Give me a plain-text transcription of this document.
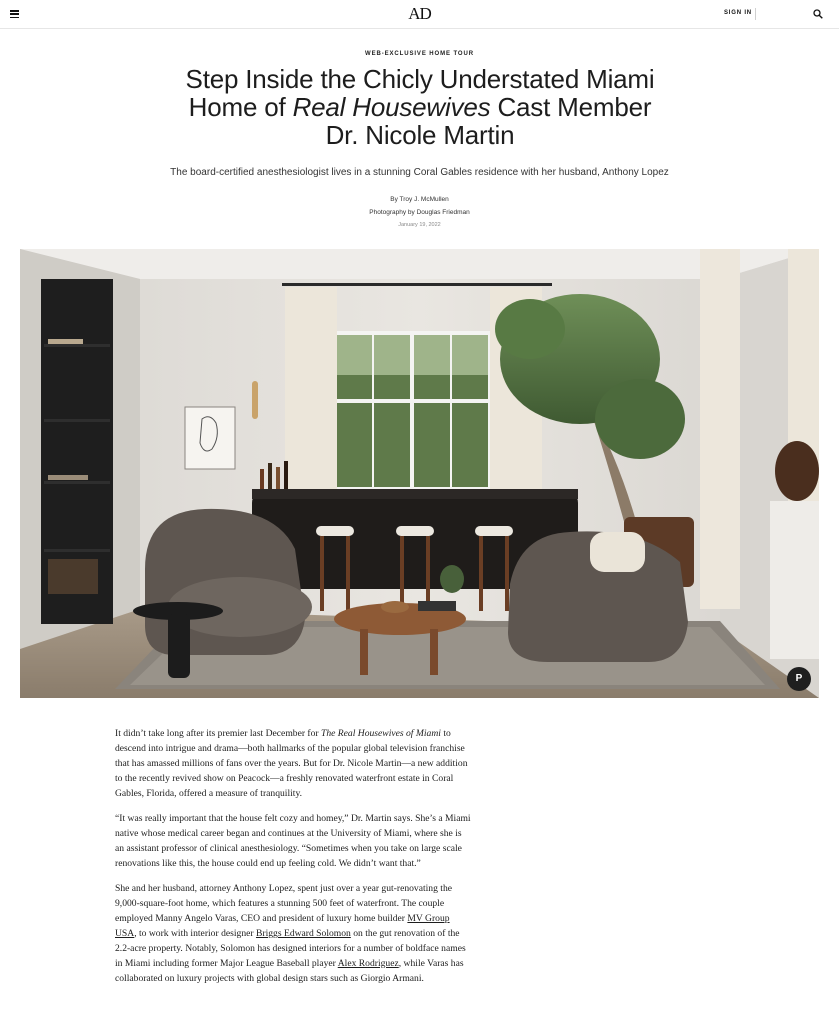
AD	SIGN IN
WEB-EXCLUSIVE HOME TOUR
Step Inside the Chicly Understated Miami Home of Real Housewives Cast Member Dr. Nicole Martin
The board-certified anesthesiologist lives in a stunning Coral Gables residence with her husband, Anthony Lopez
By Troy J. McMullen
Photography by Douglas Friedman
January 19, 2022
P

It didn’t take long after its premier last December for The Real Housewives of Miami to descend into intrigue and drama—both hallmarks of the popular global television franchise that has amassed millions of fans over the years. But for Dr. Nicole Martin—a new addition to the recently revived show on Peacock—a freshly renovated waterfront estate in Coral Gables, Florida, offered a measure of tranquility.

“It was really important that the house felt cozy and homey,” Dr. Martin says. She’s a Miami native whose medical career began and continues at the University of Miami, where she is an assistant professor of clinical anesthesiology. “Sometimes when you take on large scale renovations like this, the house could end up feeling cold. We didn’t want that.”

She and her husband, attorney Anthony Lopez, spent just over a year gut-renovating the 9,000-square-foot home, which features a stunning 500 feet of waterfront. The couple employed Manny Angelo Varas, CEO and president of luxury home builder MV Group USA, to work with interior designer Briggs Edward Solomon on the gut renovation of the 2.2-acre property. Notably, Solomon has designed interiors for a number of boldface names in Miami including former Major League Baseball player Alex Rodriguez, while Varas has collaborated on luxury projects with global design stars such as Giorgio Armani.
